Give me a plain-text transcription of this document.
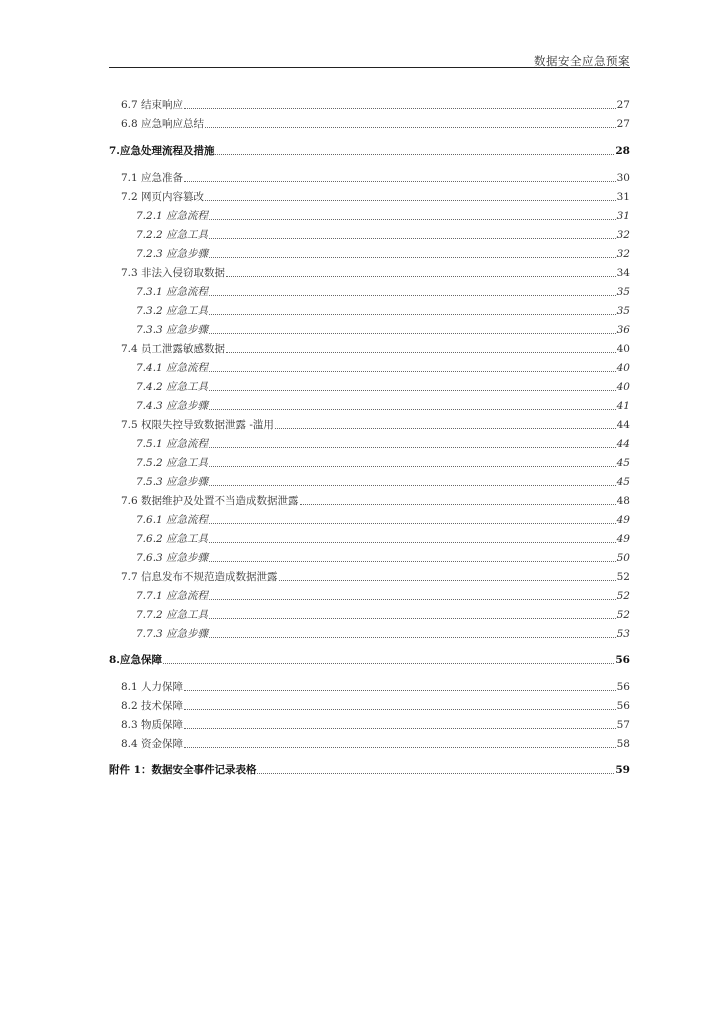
数据安全应急预案
6.7 结束响应	27
6.8 应急响应总结	27
7.应急处理流程及措施	28
7.1 应急准备	30
7.2 网页内容篡改	31
7.2.1 应急流程	31
7.2.2 应急工具	32
7.2.3 应急步骤	32
7.3 非法入侵窃取数据	34
7.3.1 应急流程	35
7.3.2 应急工具	35
7.3.3 应急步骤	36
7.4 员工泄露敏感数据	40
7.4.1 应急流程	40
7.4.2 应急工具	40
7.4.3 应急步骤	41
7.5 权限失控导致数据泄露 -滥用	44
7.5.1 应急流程	44
7.5.2 应急工具	45
7.5.3 应急步骤	45
7.6 数据维护及处置不当造成数据泄露	48
7.6.1 应急流程	49
7.6.2 应急工具	49
7.6.3 应急步骤	50
7.7 信息发布不规范造成数据泄露	52
7.7.1 应急流程	52
7.7.2 应急工具	52
7.7.3 应急步骤	53
8.应急保障	56
8.1 人力保障	56
8.2 技术保障	56
8.3 物质保障	57
8.4 资金保障	58
附件 1：数据安全事件记录表格	59
